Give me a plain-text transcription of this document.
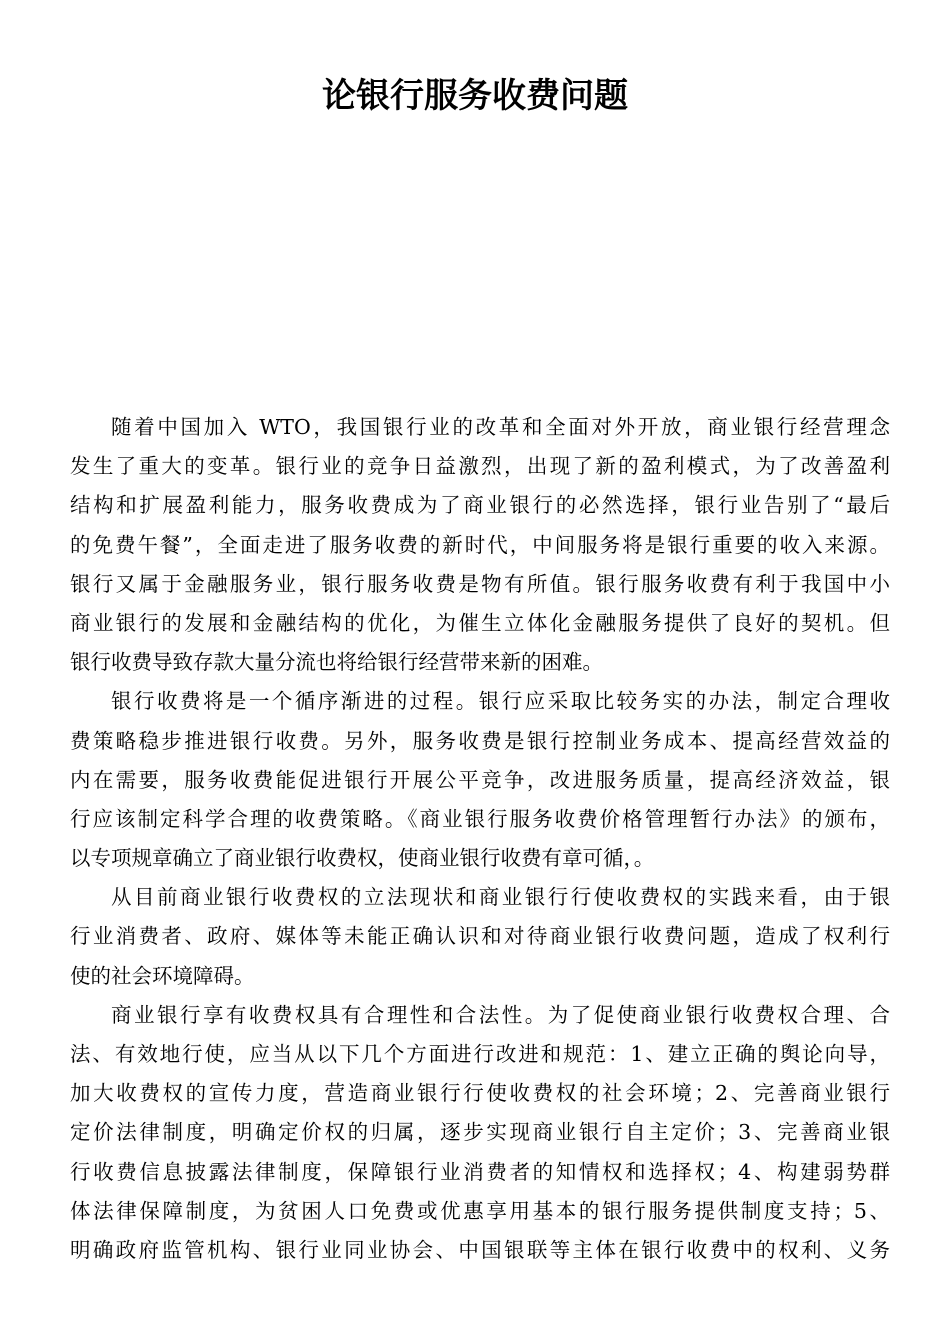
论银行服务收费问题
随着中国加入 WTO，我国银行业的改革和全面对外开放，商业银行经营理念
发生了重大的变革。银行业的竞争日益激烈，出现了新的盈利模式，为了改善盈利
结构和扩展盈利能力，服务收费成为了商业银行的必然选择，银行业告别了“最后
的免费午餐”，全面走进了服务收费的新时代，中间服务将是银行重要的收入来源。
银行又属于金融服务业，银行服务收费是物有所值。银行服务收费有利于我国中小
商业银行的发展和金融结构的优化，为催生立体化金融服务提供了良好的契机。但
银行收费导致存款大量分流也将给银行经营带来新的困难。
银行收费将是一个循序渐进的过程。银行应采取比较务实的办法，制定合理收
费策略稳步推进银行收费。另外，服务收费是银行控制业务成本、提高经营效益的
内在需要，服务收费能促进银行开展公平竞争，改进服务质量，提高经济效益，银
行应该制定科学合理的收费策略。《商业银行服务收费价格管理暂行办法》的颁布，
以专项规章确立了商业银行收费权，使商业银行收费有章可循，。
从目前商业银行收费权的立法现状和商业银行行使收费权的实践来看，由于银
行业消费者、政府、媒体等未能正确认识和对待商业银行收费问题，造成了权利行
使的社会环境障碍。
商业银行享有收费权具有合理性和合法性。为了促使商业银行收费权合理、合
法、有效地行使，应当从以下几个方面进行改进和规范：1、建立正确的舆论向导，
加大收费权的宣传力度，营造商业银行行使收费权的社会环境；2、完善商业银行
定价法律制度，明确定价权的归属，逐步实现商业银行自主定价；3、完善商业银
行收费信息披露法律制度，保障银行业消费者的知情权和选择权；4、构建弱势群
体法律保障制度，为贫困人口免费或优惠享用基本的银行服务提供制度支持；5、
明确政府监管机构、银行业同业协会、中国银联等主体在银行收费中的权利、义务
